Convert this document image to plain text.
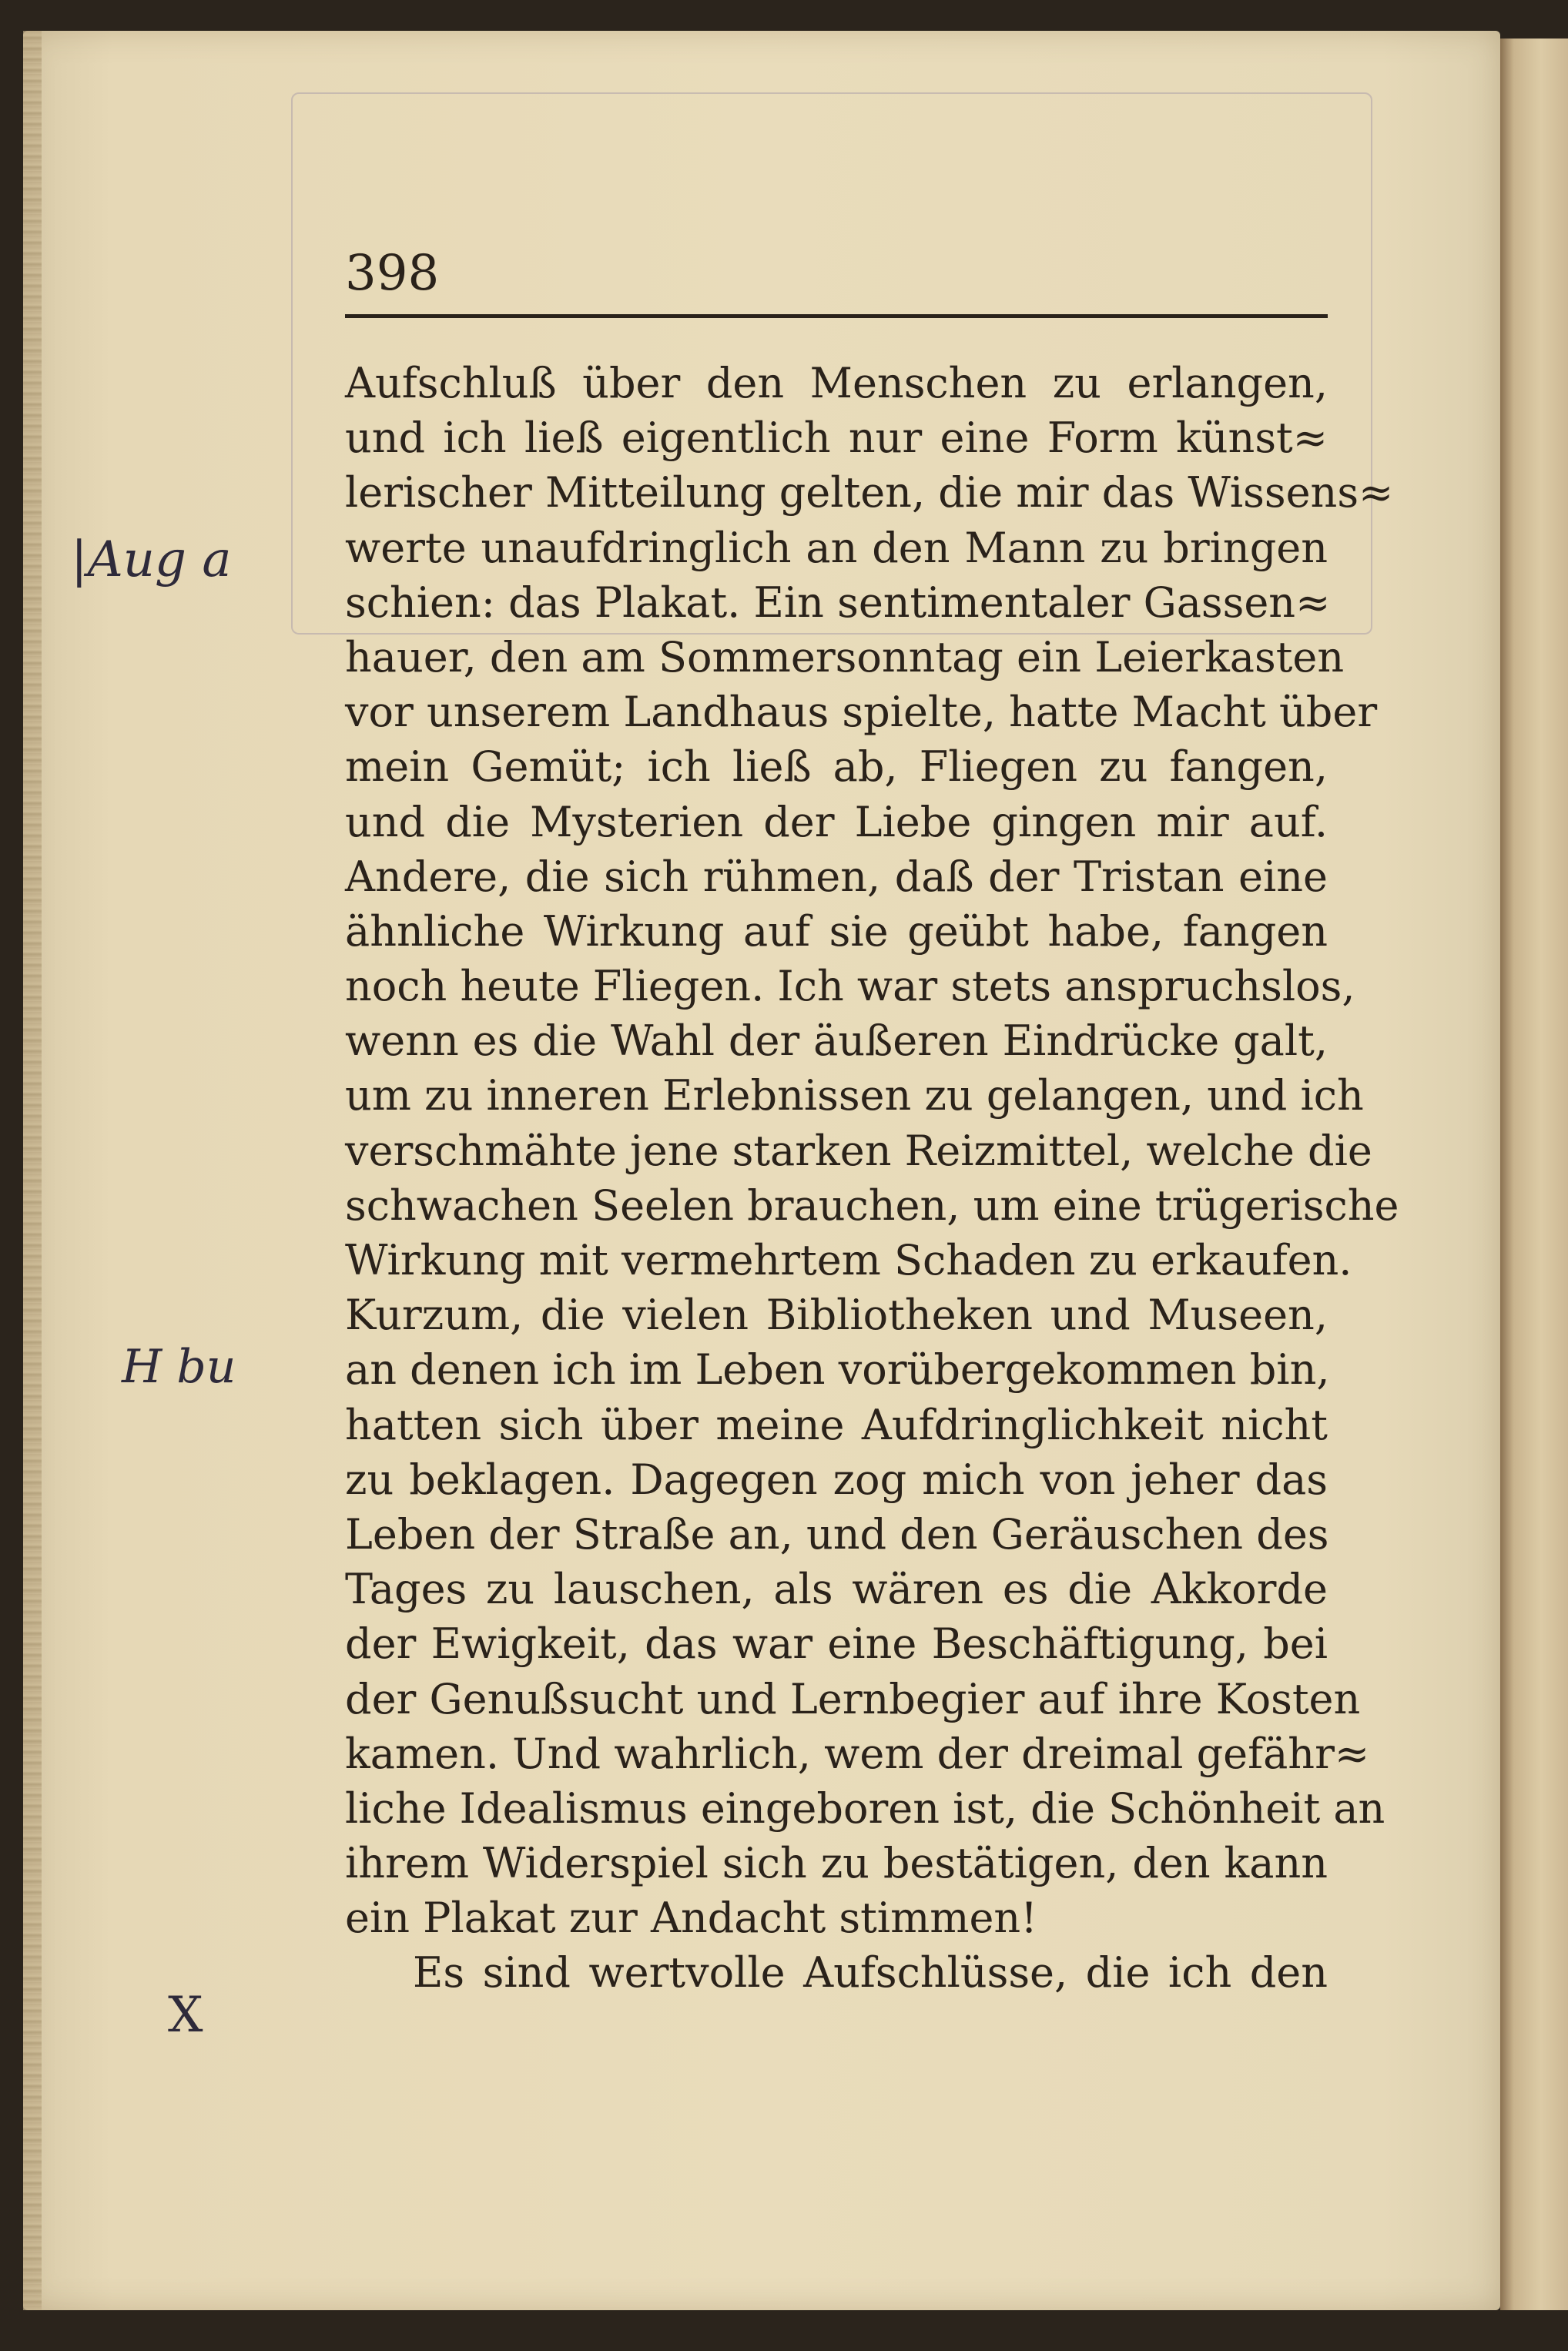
398
Aufschluß über den Menschen zu erlangen,
und ich ließ eigentlich nur eine Form künst≈
lerischer Mitteilung gelten, die mir das Wissens≈
werte unaufdringlich an den Mann zu bringen
schien: das Plakat. Ein sentimentaler Gassen≈
hauer, den am Sommersonntag ein Leierkasten
vor unserem Landhaus spielte, hatte Macht über
mein Gemüt; ich ließ ab, Fliegen zu fangen,
und die Mysterien der Liebe gingen mir auf.
Andere, die sich rühmen, daß der Tristan eine
ähnliche Wirkung auf sie geübt habe, fangen
noch heute Fliegen. Ich war stets anspruchslos,
wenn es die Wahl der äußeren Eindrücke galt,
um zu inneren Erlebnissen zu gelangen, und ich
verschmähte jene starken Reizmittel, welche die
schwachen Seelen brauchen, um eine trügerische
Wirkung mit vermehrtem Schaden zu erkaufen.
Kurzum, die vielen Bibliotheken und Museen,
an denen ich im Leben vorübergekommen bin,
hatten sich über meine Aufdringlichkeit nicht
zu beklagen. Dagegen zog mich von jeher das
Leben der Straße an, und den Geräuschen des
Tages zu lauschen, als wären es die Akkorde
der Ewigkeit, das war eine Beschäftigung, bei
der Genußsucht und Lernbegier auf ihre Kosten
kamen. Und wahrlich, wem der dreimal gefähr≈
liche Idealismus eingeboren ist, die Schönheit an
ihrem Widerspiel sich zu bestätigen, den kann
ein Plakat zur Andacht stimmen!
Es sind wertvolle Aufschlüsse, die ich den
|Aug a
H bu
X
